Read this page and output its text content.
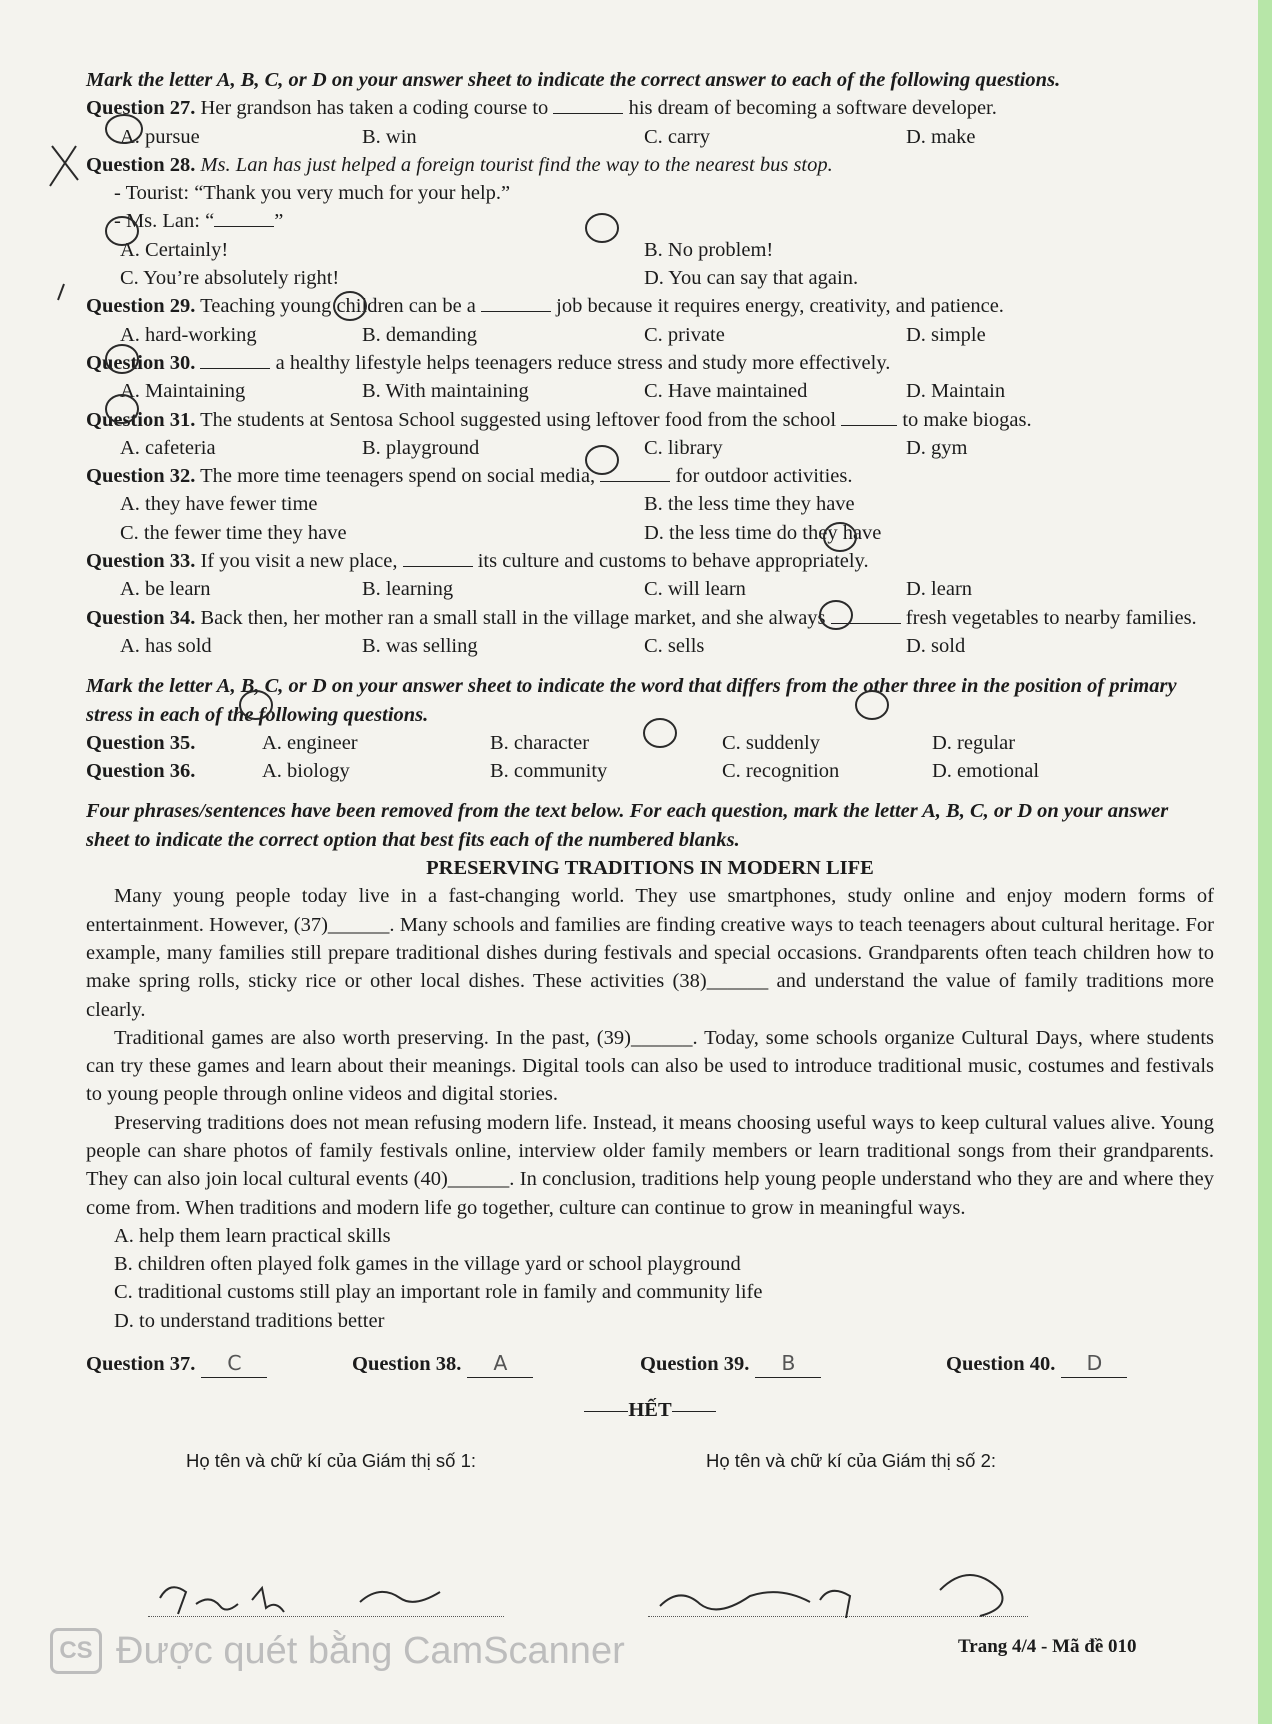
Mark the letter A, B, C, or D on your answer sheet to indicate the correct answer to each of the following questions.
Question 27. Her grandson has taken a coding course to	his dream of becoming a software developer.
A. pursue	B. win	C. carry	D. make
Question 28. Ms. Lan has just helped a foreign tourist find the way to the nearest bus stop.
- Tourist: “Thank you very much for your help.”
- Ms. Lan: “	”
A. Certainly!	B. No problem!
C. You’re absolutely right!	D. You can say that again.
Question 29. Teaching young children can be a	job because it requires energy, creativity, and patience.
A. hard-working	B. demanding	C. private	D. simple
Question 30.	a healthy lifestyle helps teenagers reduce stress and study more effectively.
A. Maintaining	B. With maintaining	C. Have maintained	D. Maintain
Question 31. The students at Sentosa School suggested using leftover food from the school	to make biogas.
A. cafeteria	B. playground	C. library	D. gym
Question 32. The more time teenagers spend on social media,	for outdoor activities.
A. they have fewer time	B. the less time they have
C. the fewer time they have	D. the less time do they have
Question 33. If you visit a new place,	its culture and customs to behave appropriately.
A. be learn	B. learning	C. will learn	D. learn
Question 34. Back then, her mother ran a small stall in the village market, and she always	fresh vegetables to nearby families.
A. has sold	B. was selling	C. sells	D. sold
Mark the letter A, B, C, or D on your answer sheet to indicate the word that differs from the other three in the position of primary stress in each of the following questions.
Question 35.	A. engineer	B. character	C. suddenly	D. regular
Question 36.	A. biology	B. community	C. recognition	D. emotional
Four phrases/sentences have been removed from the text below. For each question, mark the letter A, B, C, or D on your answer sheet to indicate the correct option that best fits each of the numbered blanks.
PRESERVING TRADITIONS IN MODERN LIFE
Many young people today live in a fast-changing world. They use smartphones, study online and enjoy modern forms of entertainment. However, (37)______. Many schools and families are finding creative ways to teach teenagers about cultural heritage. For example, many families still prepare traditional dishes during festivals and special occasions. Grandparents often teach children how to make spring rolls, sticky rice or other local dishes. These activities (38)______ and understand the value of family traditions more clearly.
Traditional games are also worth preserving. In the past, (39)______. Today, some schools organize Cultural Days, where students can try these games and learn about their meanings. Digital tools can also be used to introduce traditional music, costumes and festivals to young people through online videos and digital stories.
Preserving traditions does not mean refusing modern life. Instead, it means choosing useful ways to keep cultural values alive. Young people can share photos of family festivals online, interview older family members or learn traditional songs from their grandparents. They can also join local cultural events (40)______. In conclusion, traditions help young people understand who they are and where they come from. When traditions and modern life go together, culture can continue to grow in meaningful ways.
A. help them learn practical skills
B. children often played folk games in the village yard or school playground
C. traditional customs still play an important role in family and community life
D. to understand traditions better
Question 37.	C	Question 38.	A	Question 39.	B	Question 40.	D
HẾT
Họ tên và chữ kí của Giám thị số 1:	Họ tên và chữ kí của Giám thị số 2:
CS Được quét bằng CamScanner	Trang 4/4 - Mã đề 010
